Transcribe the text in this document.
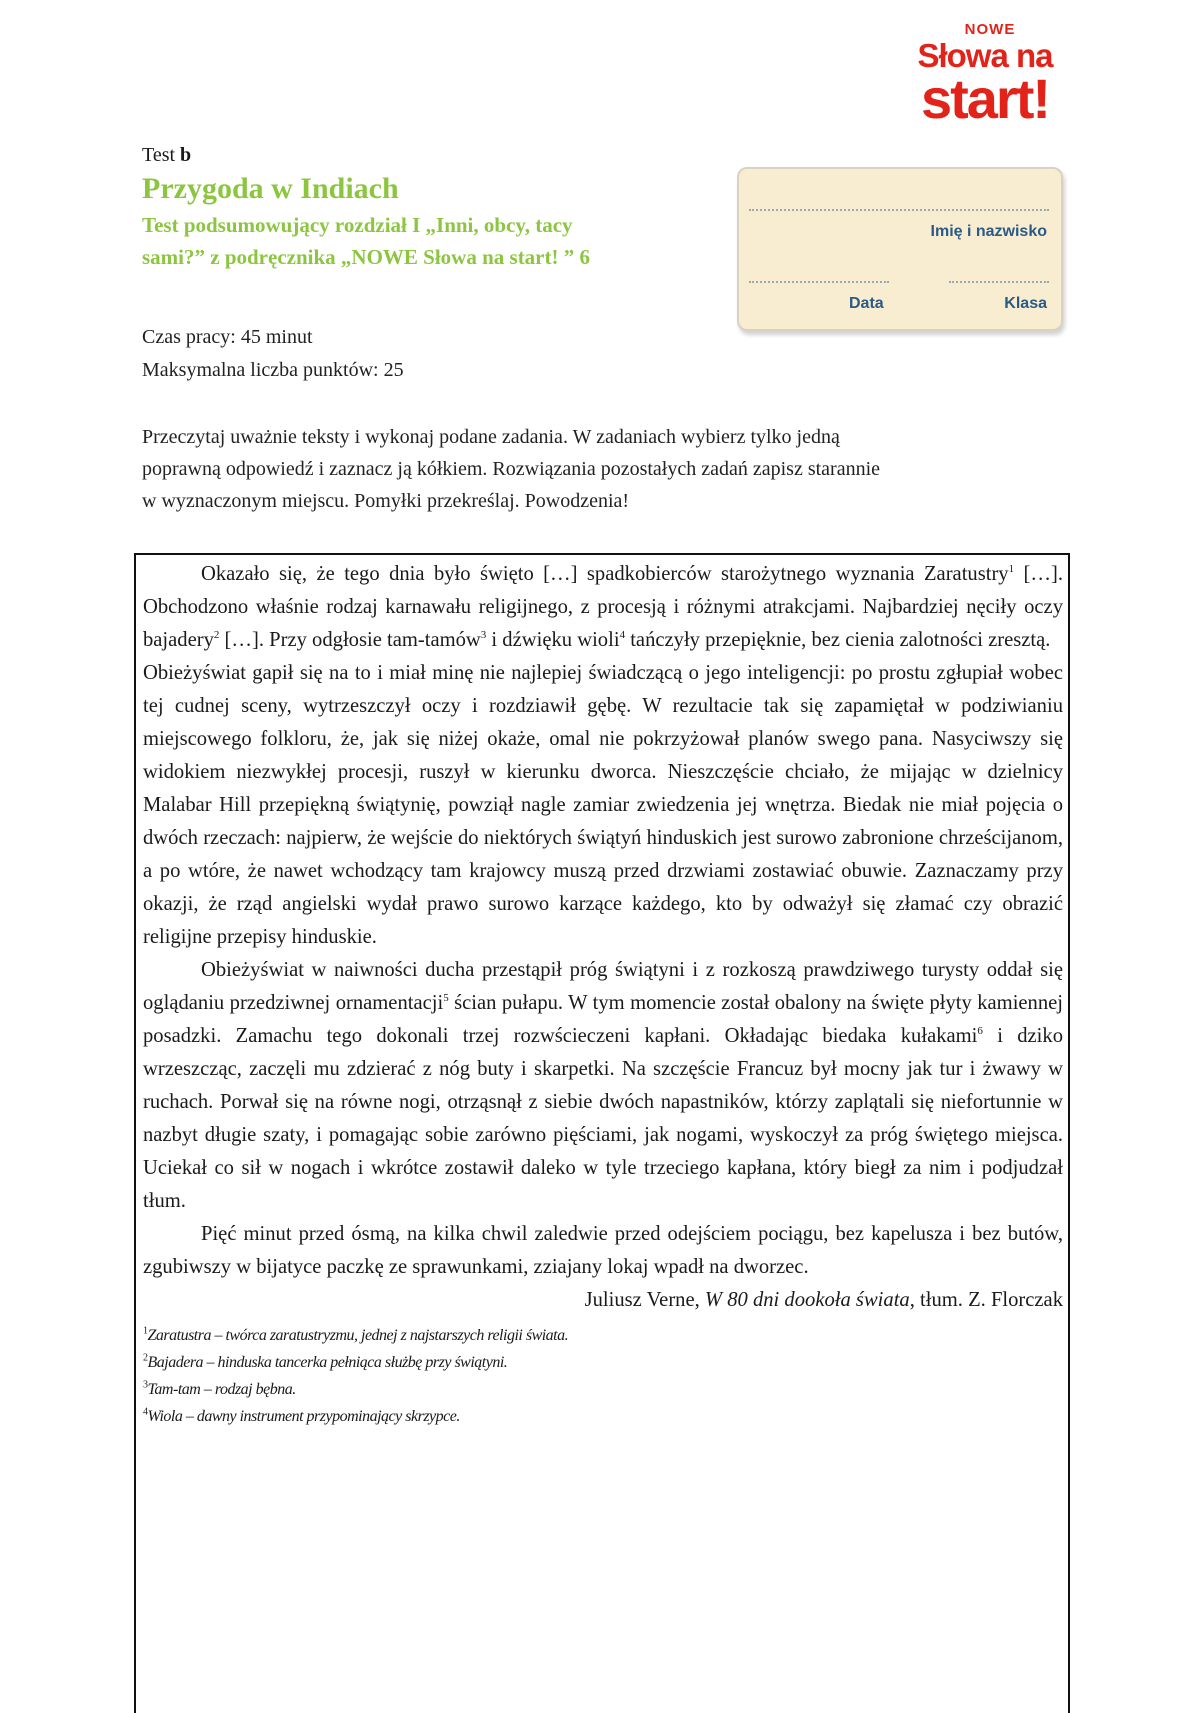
NOWE
Słowa na
start!
Test b
Przygoda w Indiach
Test podsumowujący rozdział I „Inni, obcy, tacy
sami?” z podręcznika „NOWE Słowa na start! ” 6
Imię i nazwisko
Data	Klasa
Czas pracy: 45 minut
Maksymalna liczba punktów: 25
Przeczytaj uważnie teksty i wykonaj podane zadania. W zadaniach wybierz tylko jedną
poprawną odpowiedź i zaznacz ją kółkiem. Rozwiązania pozostałych zadań zapisz starannie
w wyznaczonym miejscu. Pomyłki przekreślaj. Powodzenia!

Okazało się, że tego dnia było święto […] spadkobierców starożytnego wyznania Zaratustry$^1$ […]. Obchodzono właśnie rodzaj karnawału religijnego, z procesją i różnymi atrakcjami. Najbardziej nęciły oczy bajadery$^2$ […]. Przy odgłosie tam-tamów$^3$ i dźwięku wioli$^4$ tańczyły przepięknie, bez cienia zalotności zresztą.

Obieżyświat gapił się na to i miał minę nie najlepiej świadczącą o jego inteligencji: po prostu zgłupiał wobec tej cudnej sceny, wytrzeszczył oczy i rozdziawił gębę. W rezultacie tak się zapamiętał w podziwianiu miejscowego folkloru, że, jak się niżej okaże, omal nie pokrzyżował planów swego pana. Nasyciwszy się widokiem niezwykłej procesji, ruszył w kierunku dworca. Nieszczęście chciało, że mijając w dzielnicy Malabar Hill przepiękną świątynię, powziął nagle zamiar zwiedzenia jej wnętrza. Biedak nie miał pojęcia o dwóch rzeczach: najpierw, że wejście do niektórych świątyń hinduskich jest surowo zabronione chrześcijanom, a po wtóre, że nawet wchodzący tam krajowcy muszą przed drzwiami zostawiać obuwie. Zaznaczamy przy okazji, że rząd angielski wydał prawo surowo karzące każdego, kto by odważył się złamać czy obrazić religijne przepisy hinduskie.

Obieżyświat w naiwności ducha przestąpił próg świątyni i z rozkoszą prawdziwego turysty oddał się oglądaniu przedziwnej ornamentacji$^5$ ścian pułapu. W tym momencie został obalony na święte płyty kamiennej posadzki. Zamachu tego dokonali trzej rozwścieczeni kapłani. Okładając biedaka kułakami$^6$ i dziko wrzeszcząc, zaczęli mu zdzierać z nóg buty i skarpetki. Na szczęście Francuz był mocny jak tur i żwawy w ruchach. Porwał się na równe nogi, otrząsnął z siebie dwóch napastników, którzy zaplątali się niefortunnie w nazbyt długie szaty, i pomagając sobie zarówno pięściami, jak nogami, wyskoczył za próg świętego miejsca. Uciekał co sił w nogach i wkrótce zostawił daleko w tyle trzeciego kapłana, który biegł za nim i podjudzał tłum.

Pięć minut przed ósmą, na kilka chwil zaledwie przed odejściem pociągu, bez kapelusza i bez butów, zgubiwszy w bijatyce paczkę ze sprawunkami, zziajany lokaj wpadł na dworzec.

Juliusz Verne, W 80 dni dookoła świata, tłum. Z. Florczak
$^1$Zaratustra – twórca zaratustryzmu, jednej z najstarszych religii świata.
$^2$Bajadera – hinduska tancerka pełniąca służbę przy świątyni.
$^3$Tam-tam – rodzaj bębna.
$^4$Wiola – dawny instrument przypominający skrzypce.
